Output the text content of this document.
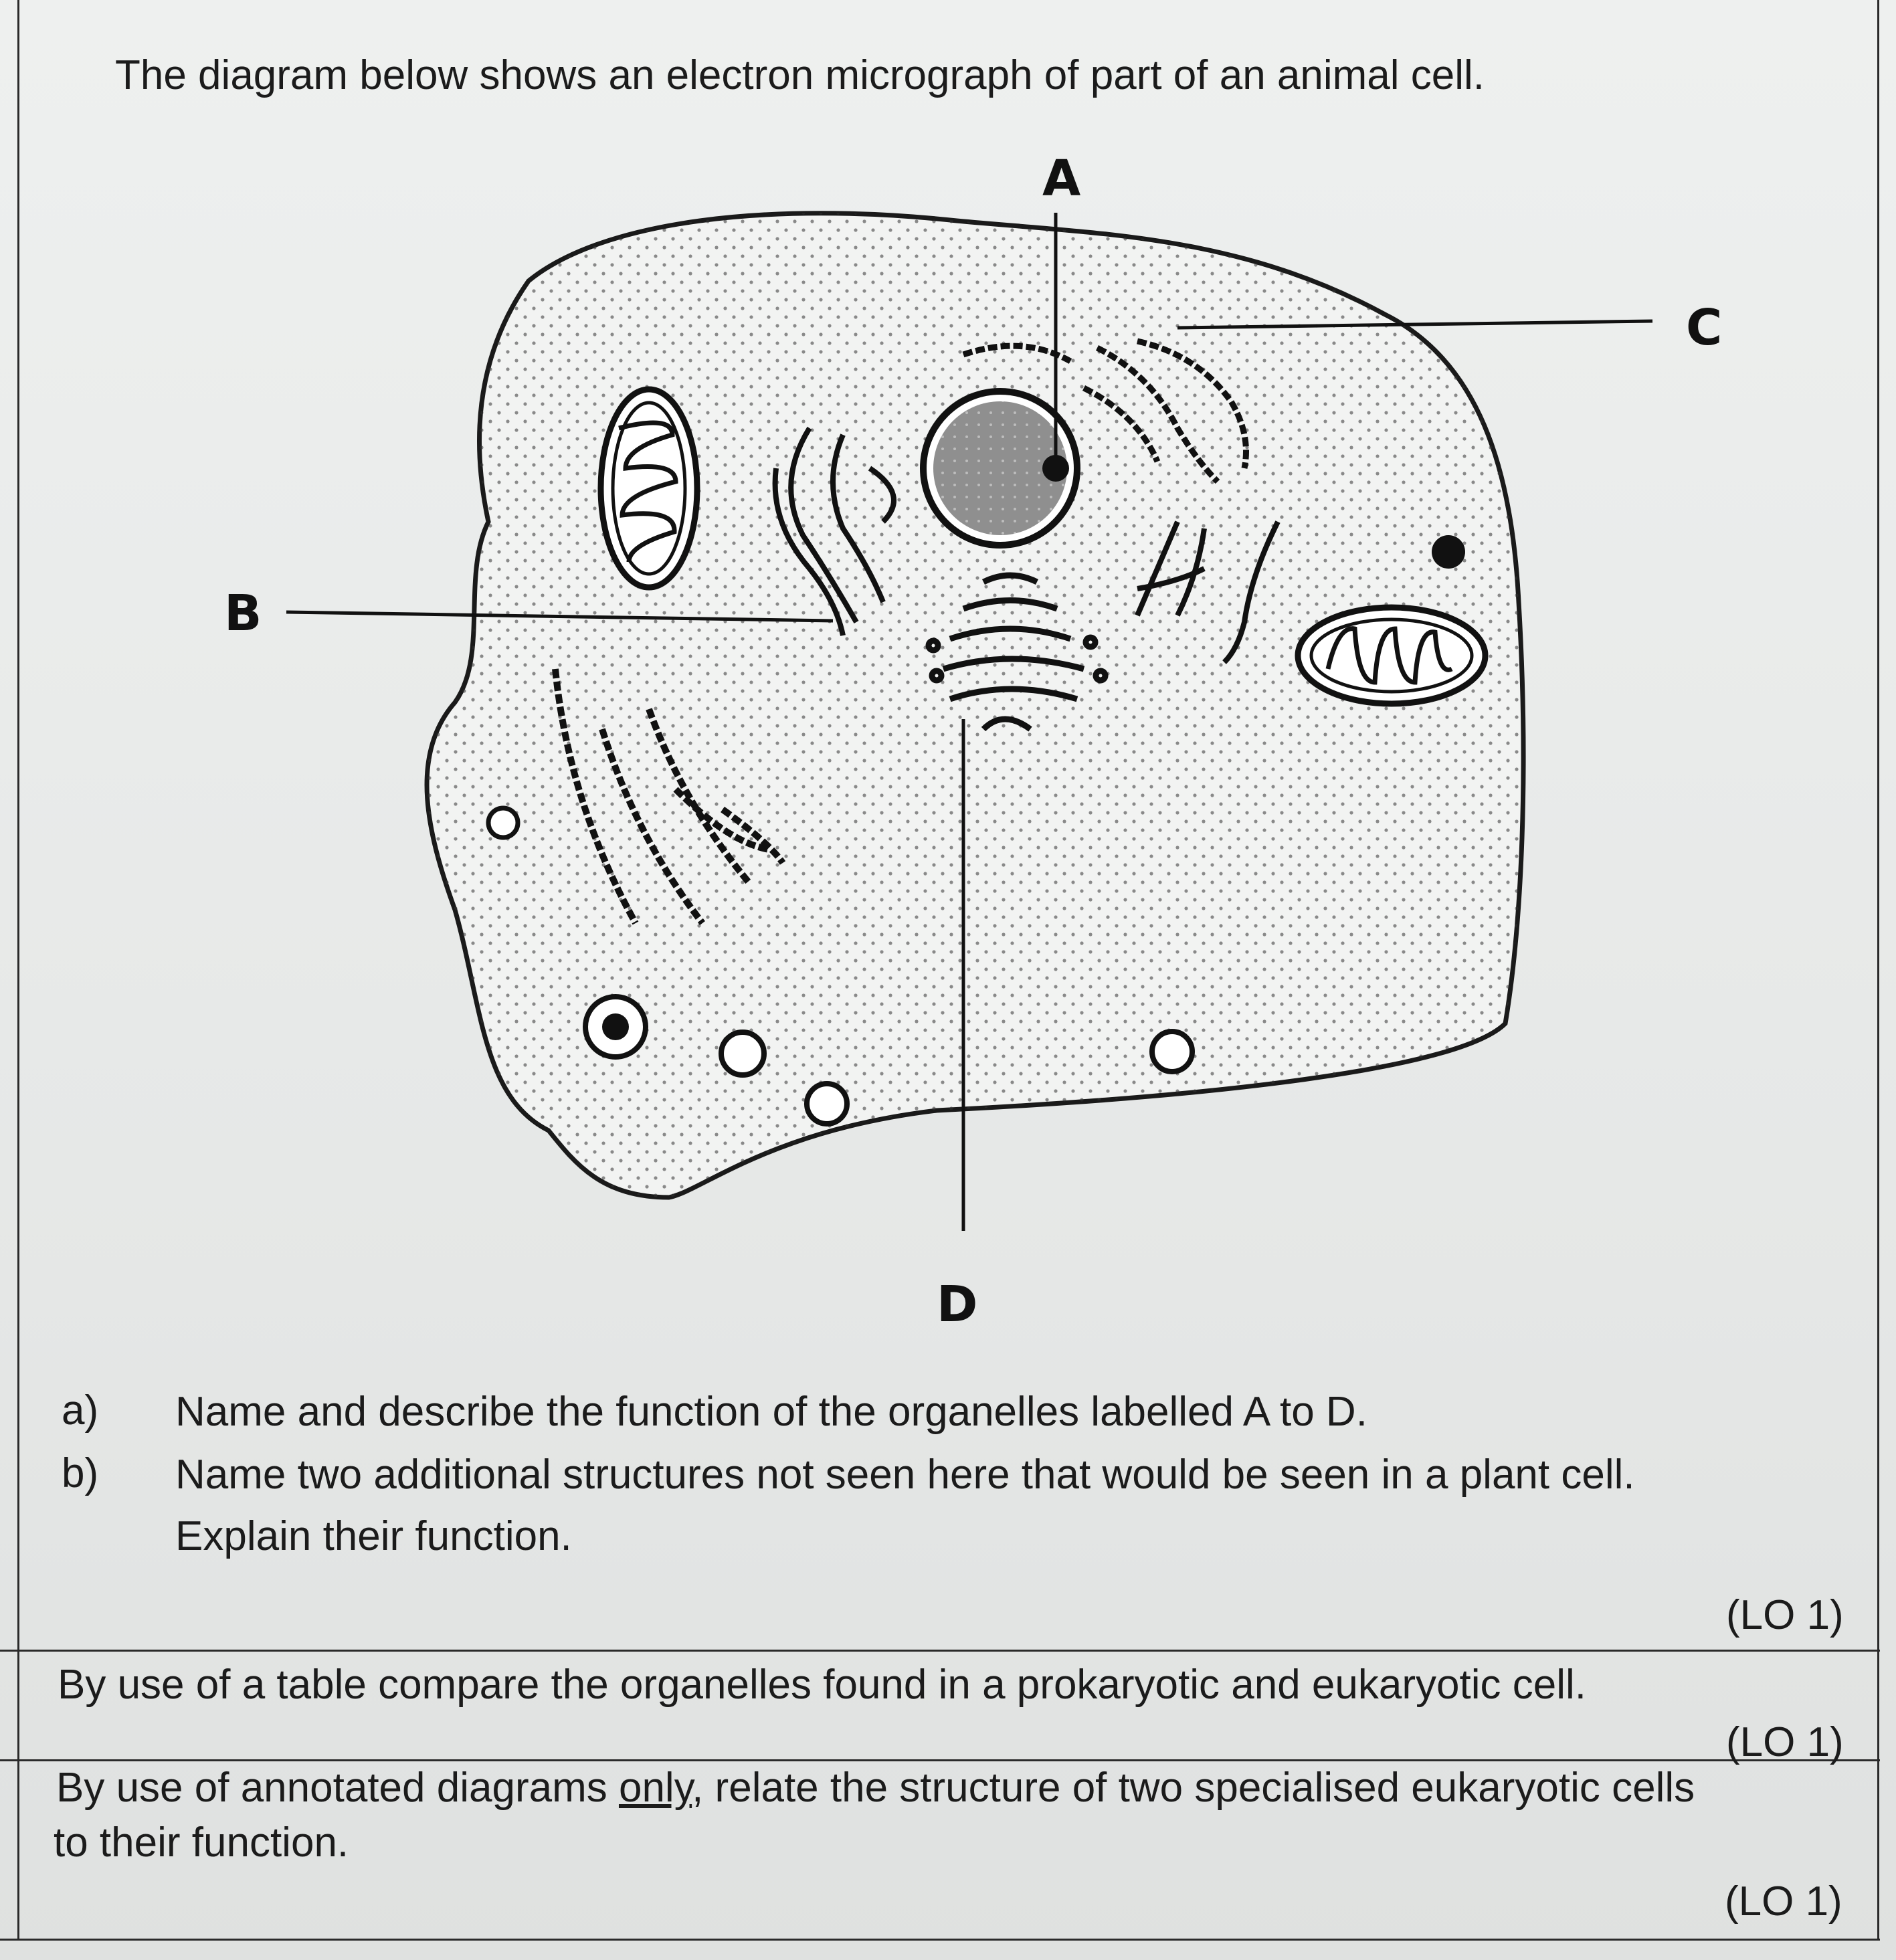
The diagram below shows an electron micrograph of part of an animal cell.
A
B
C
D
a) Name and describe the function of the organelles labelled A to D.
b) Name two additional structures not seen here that would be seen in a plant cell.
Explain their function.
(LO 1)
By use of a table compare the organelles found in a prokaryotic and eukaryotic cell.
(LO 1)
By use of annotated diagrams only, relate the structure of two specialised eukaryotic cells
to their function.
(LO 1)
